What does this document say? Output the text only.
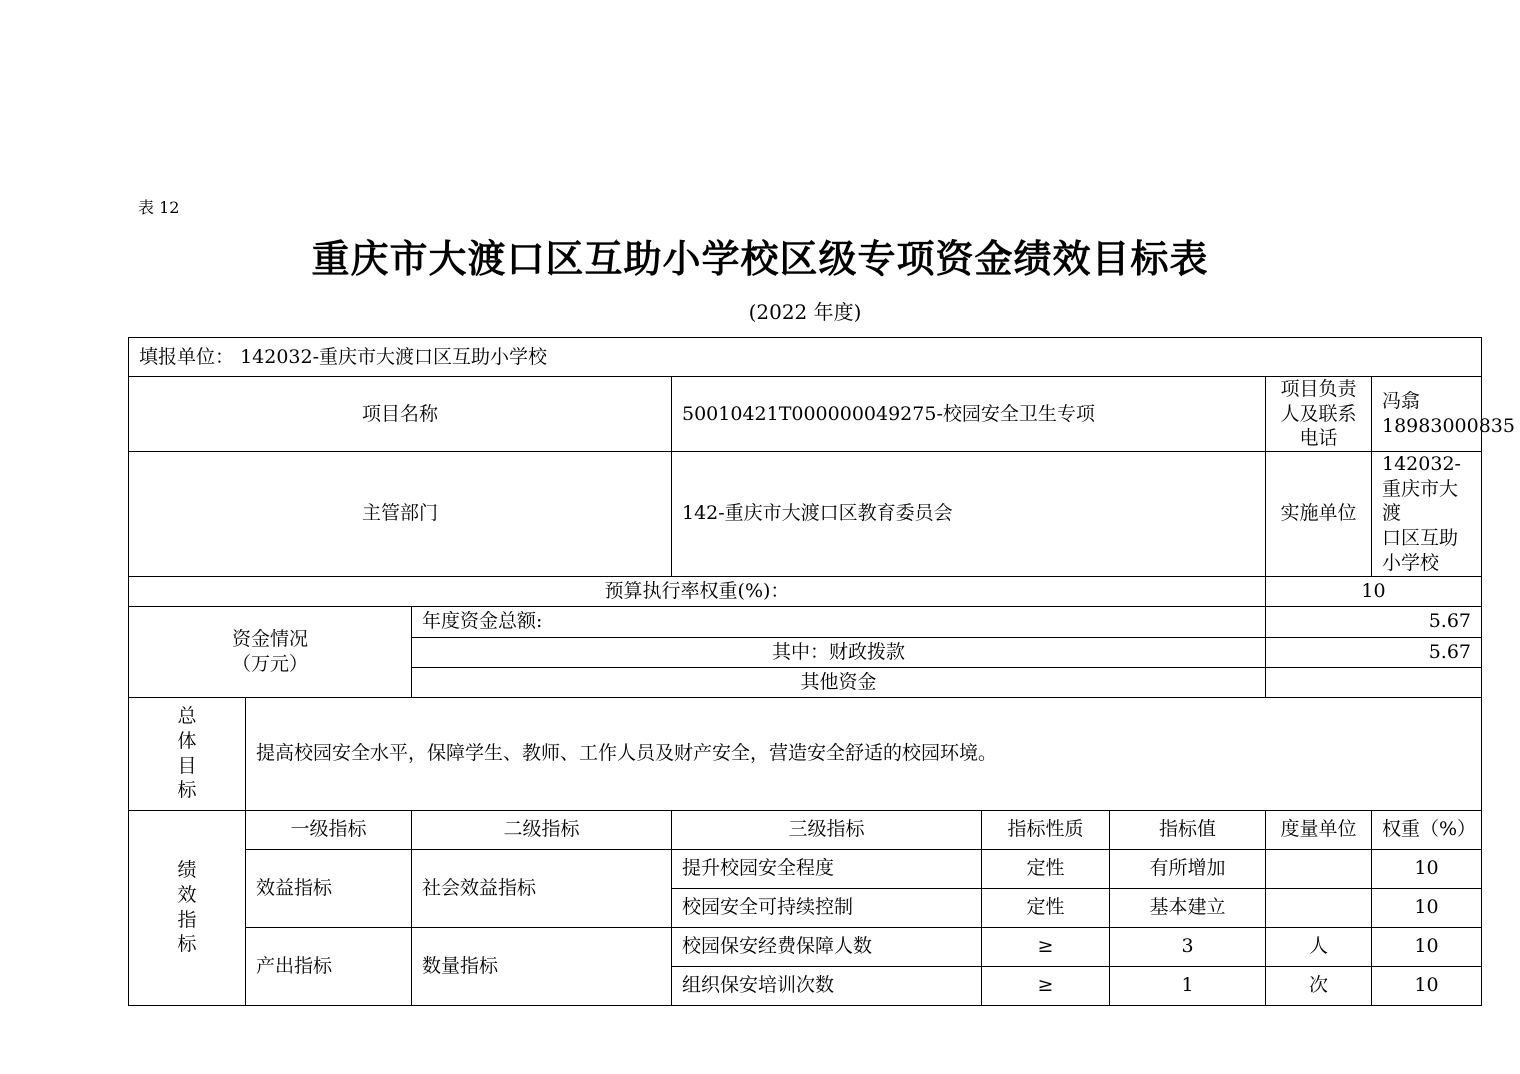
表 12
重庆市大渡口区互助小学校区级专项资金绩效目标表
(2022 年度)
填报单位： 142032-重庆市大渡口区互助小学校							
项目名称			50010421T000000049275-校园安全卫生专项			项目负责人及联系电话	冯翕 18983000835
主管部门			142-重庆市大渡口区教育委员会			实施单位	142032-重庆市大渡
口区互助小学校
预算执行率权重(%)：						10	
资金情况
（万元）		年度资金总额:				5.67	
		其中：财政拨款				5.67	
		其他资金					

总
体
目
标	提高校园安全水平，保障学生、教师、工作人员及财产安全，营造安全舒适的校园环境。						

绩
效
指
标	一级指标	二级指标	三级指标	指标性质	指标值	度量单位	权重（%）
	效益指标	社会效益指标	提升校园安全程度	定性	有所增加		10
			校园安全可持续控制	定性	基本建立		10
	产出指标	数量指标	校园保安经费保障人数	≥	3	人	10
			组织保安培训次数	≥	1	次	10
